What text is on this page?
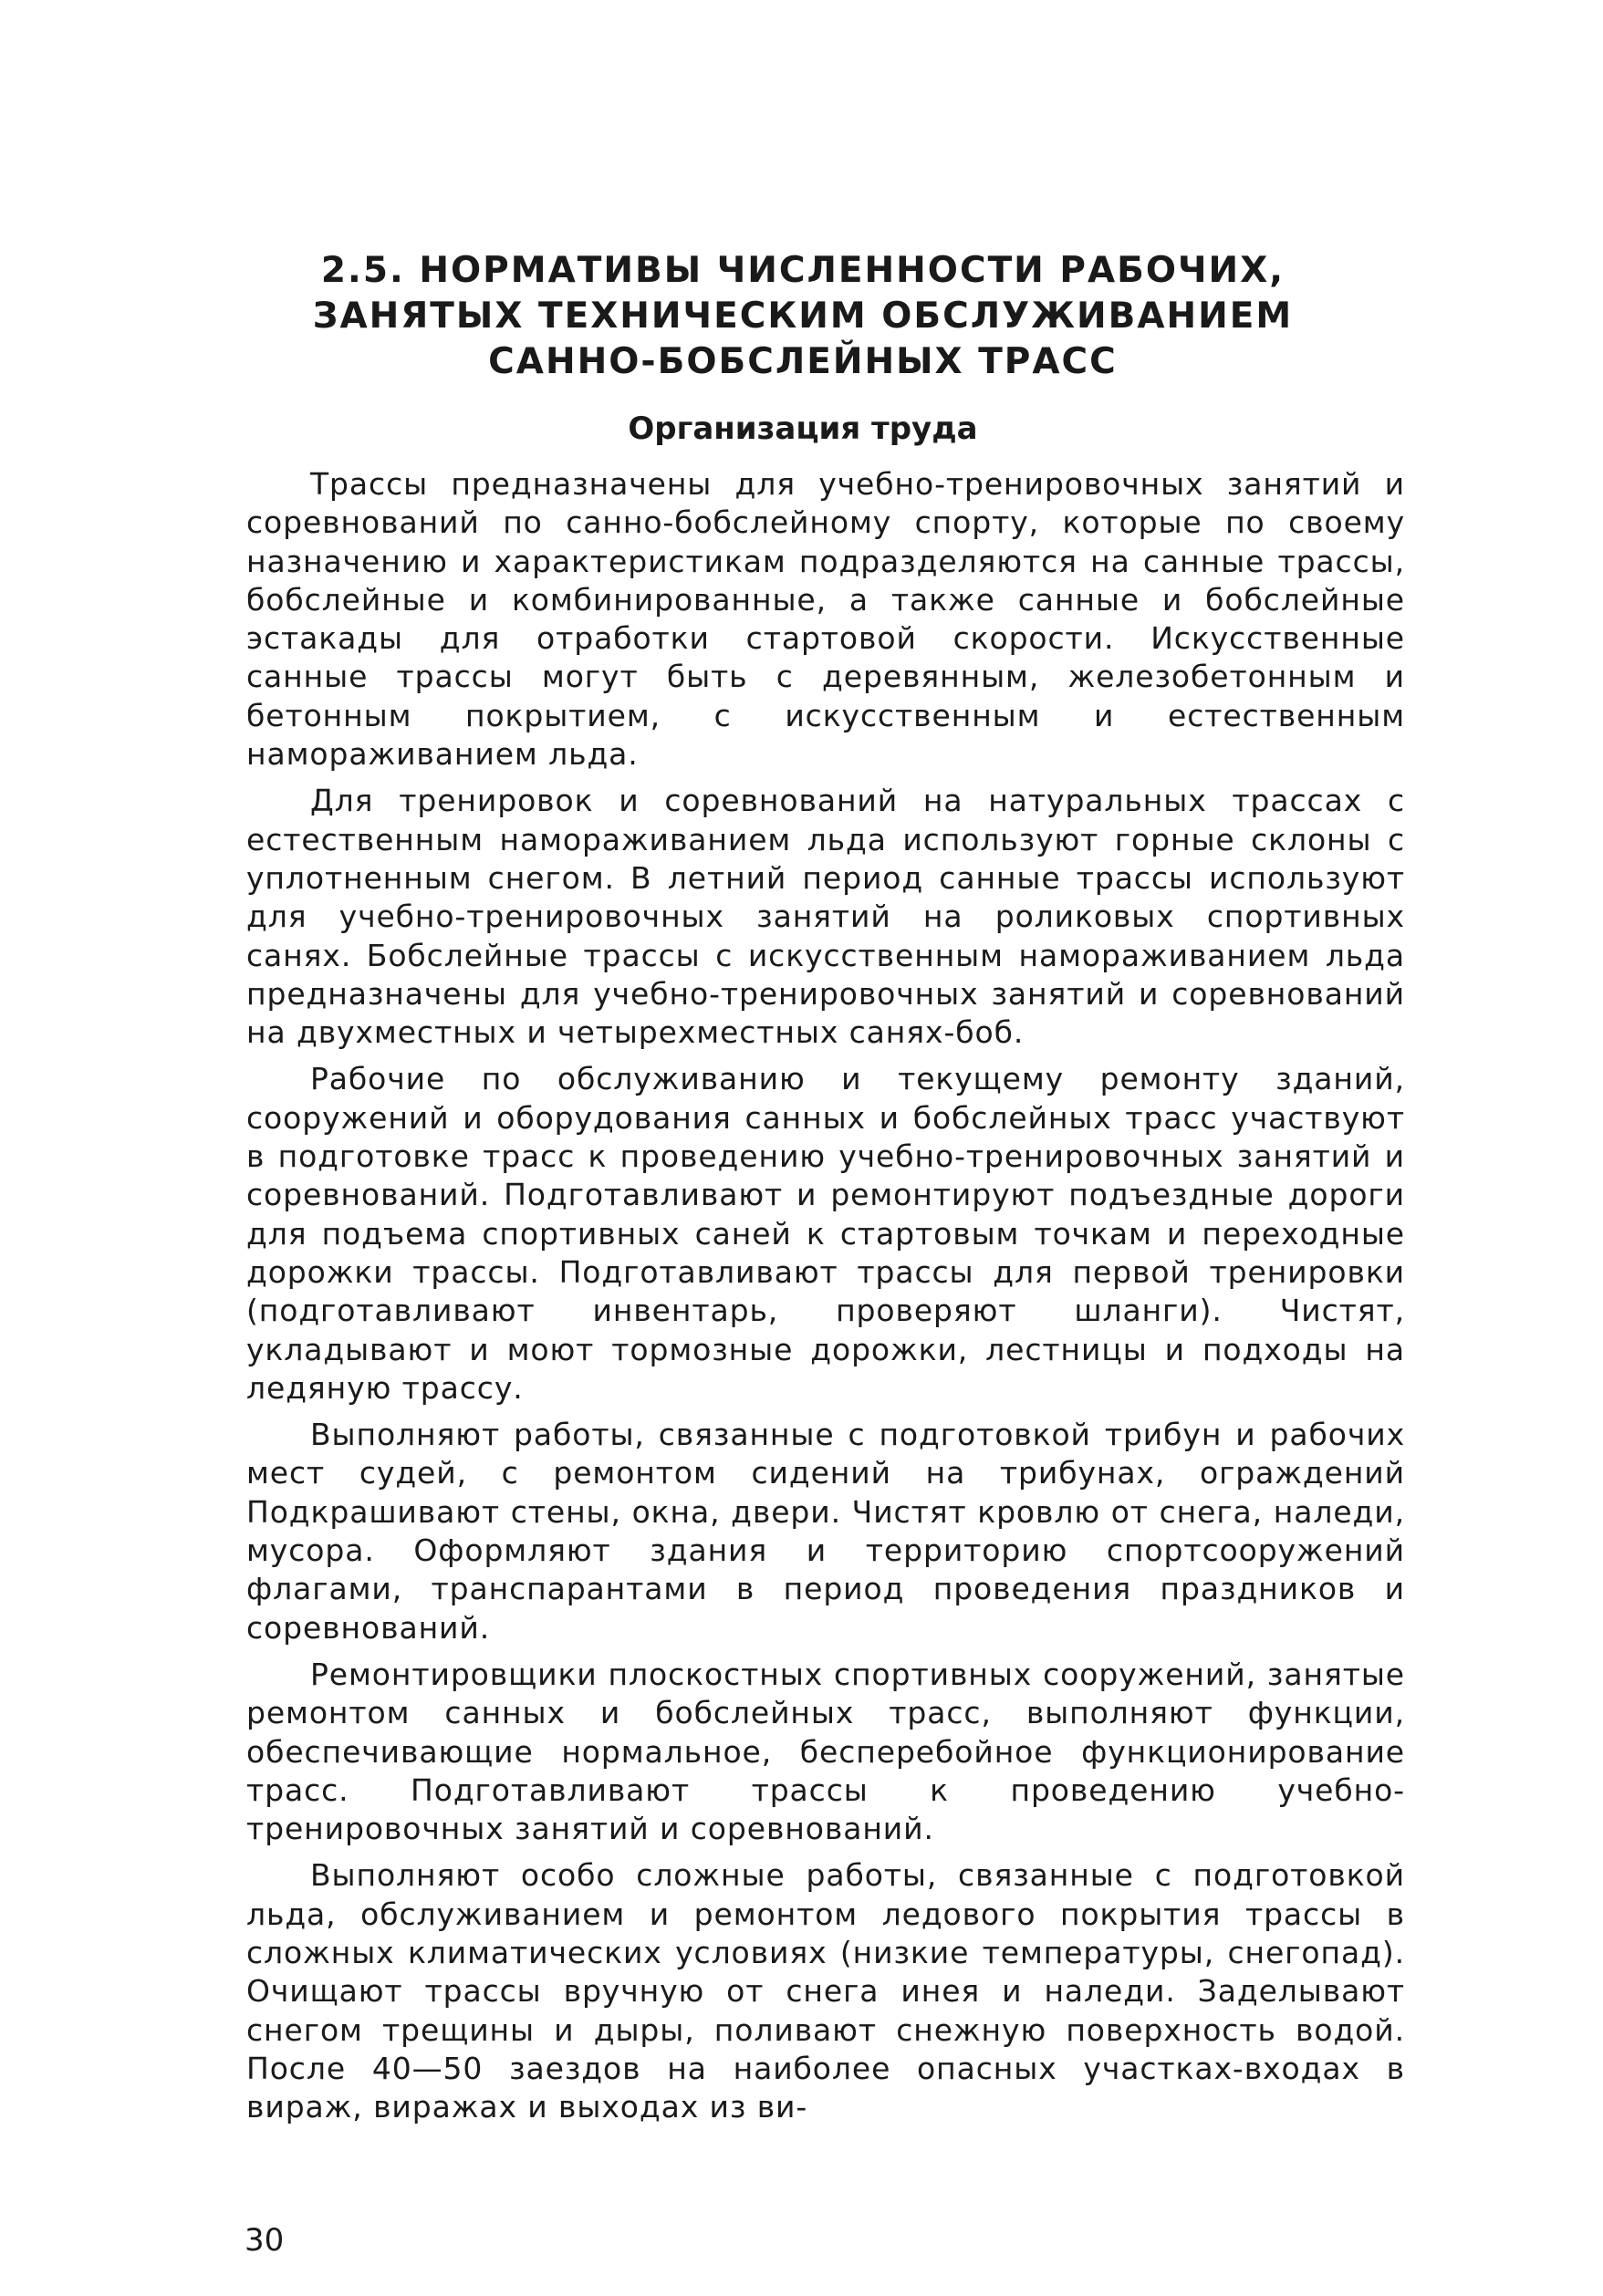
2.5. НОРМАТИВЫ ЧИСЛЕННОСТИ РАБОЧИХ,
ЗАНЯТЫХ ТЕХНИЧЕСКИМ ОБСЛУЖИВАНИЕМ
САННО-БОБСЛЕЙНЫХ ТРАСС
Организация труда

Трассы предназначены для учебно-тренировочных занятий и соревнований по санно-бобслейному спорту, которые по своему назначению и характеристикам подразделяются на санные трассы, бобслейные и комбинированные, а также санные и бобслейные эстакады для отработки стартовой скорости. Искусственные санные трассы могут быть с деревянным, железобетонным и бетонным покрытием, с искусственным и естественным намораживанием льда.

Для тренировок и соревнований на натуральных трассах с естественным намораживанием льда используют горные склоны с уплотненным снегом. В летний период санные трассы используют для учебно-тренировочных занятий на роликовых спортивных санях. Бобслейные трассы с искусственным намораживанием льда предназначены для учебно-тренировочных занятий и соревнований на двухместных и четырехместных санях-боб.

Рабочие по обслуживанию и текущему ремонту зданий, сооружений и оборудования санных и бобслейных трасс участвуют в подготовке трасс к проведению учебно-тренировочных занятий и соревнований. Подготавливают и ремонтируют подъездные дороги для подъема спортивных саней к стартовым точкам и переходные дорожки трассы. Подготавливают трассы для первой тренировки (подготавливают инвентарь, проверяют шланги). Чистят, укладывают и моют тормозные дорожки, лестницы и подходы на ледяную трассу.

Выполняют работы, связанные с подготовкой трибун и рабочих мест судей, с ремонтом сидений на трибунах, ограждений Подкрашивают стены, окна, двери. Чистят кровлю от снега, наледи, мусора. Оформляют здания и территорию спортсооружений флагами, транспарантами в период проведения праздников и соревнований.

Ремонтировщики плоскостных спортивных сооружений, занятые ремонтом санных и бобслейных трасс, выполняют функции, обеспечивающие нормальное, бесперебойное функционирование трасс. Подготавливают трассы к проведению учебно-тренировочных занятий и соревнований.

Выполняют особо сложные работы, связанные с подготовкой льда, обслуживанием и ремонтом ледового покрытия трассы в сложных климатических условиях (низкие температуры, снегопад). Очищают трассы вручную от снега инея и наледи. Заделывают снегом трещины и дыры, поливают снежную поверхность водой. После 40—50 заездов на наиболее опасных участках-входах в вираж, виражах и выходах из ви-

30
